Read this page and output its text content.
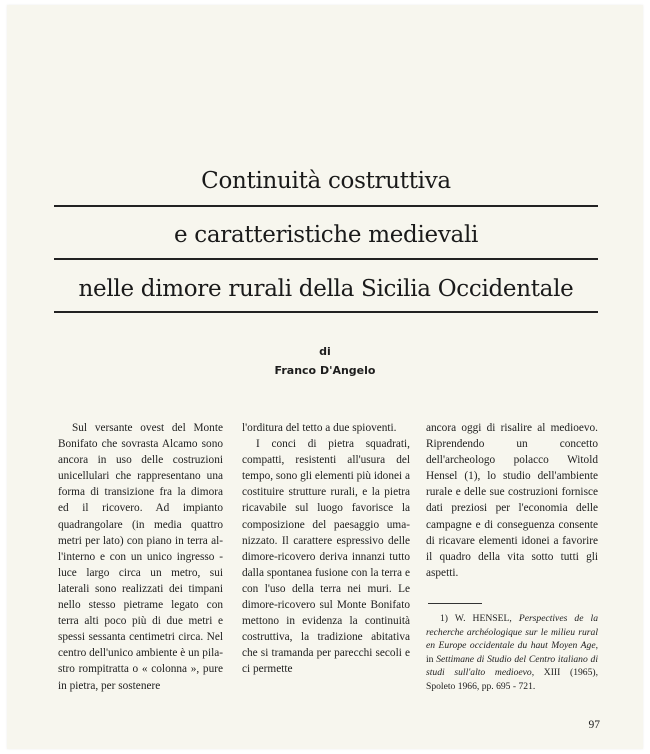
Continuità costruttiva
e caratteristiche medievali
nelle dimore rurali della Sicilia Occidentale
di
Franco D'Angelo

Sul versante ovest del Monte Bonifato che sovrasta Alcamo sono ancora in uso delle costruzioni unicellulari che rappresentano una forma di transizione fra la dimora ed il ricovero. Ad impianto quadrangolare (in media quattro metri per lato) con piano in terra all'interno e con un unico ingresso - luce largo circa un metro, sui laterali sono realizzati dei timpani nello stesso pietrame legato con terra alti poco più di due metri e spessi sessanta centimetri circa. Nel centro dell'unico ambiente è un pilastro rompitratta o « colonna », pure in pietra, per sostenere

l'orditura del tetto a due spioventi.

I conci di pietra squadrati, compatti, resistenti all'usura del tempo, sono gli elementi più idonei a costituire strutture rurali, e la pietra ricavabile sul luogo favorisce la composizione del paesaggio umanizzato. Il carattere espressivo delle dimore-ricovero deriva innanzi tutto dalla spontanea fusione con la terra e con l'uso della terra nei muri. Le dimore-ricovero sul Monte Bonifato mettono in evidenza la continuità costruttiva, la tradizione abitativa che si tramanda per parecchi secoli e ci permette

ancora oggi di risalire al medioevo. Riprendendo un concetto dell'archeologo polacco Witold Hensel (1), lo studio dell'ambiente rurale e delle sue costruzioni fornisce dati preziosi per l'economia delle campagne e di conseguenza consente di ricavare elementi idonei a favorire il quadro della vita sotto tutti gli aspetti.

1) W. HENSEL, Perspectives de la recherche archéologique sur le milieu rural en Europe occidentale du haut Moyen Age, in Settimane di Studio del Centro italiano di studi sull'alto medioevo, XIII (1965), Spoleto 1966, pp. 695 - 721.

97
